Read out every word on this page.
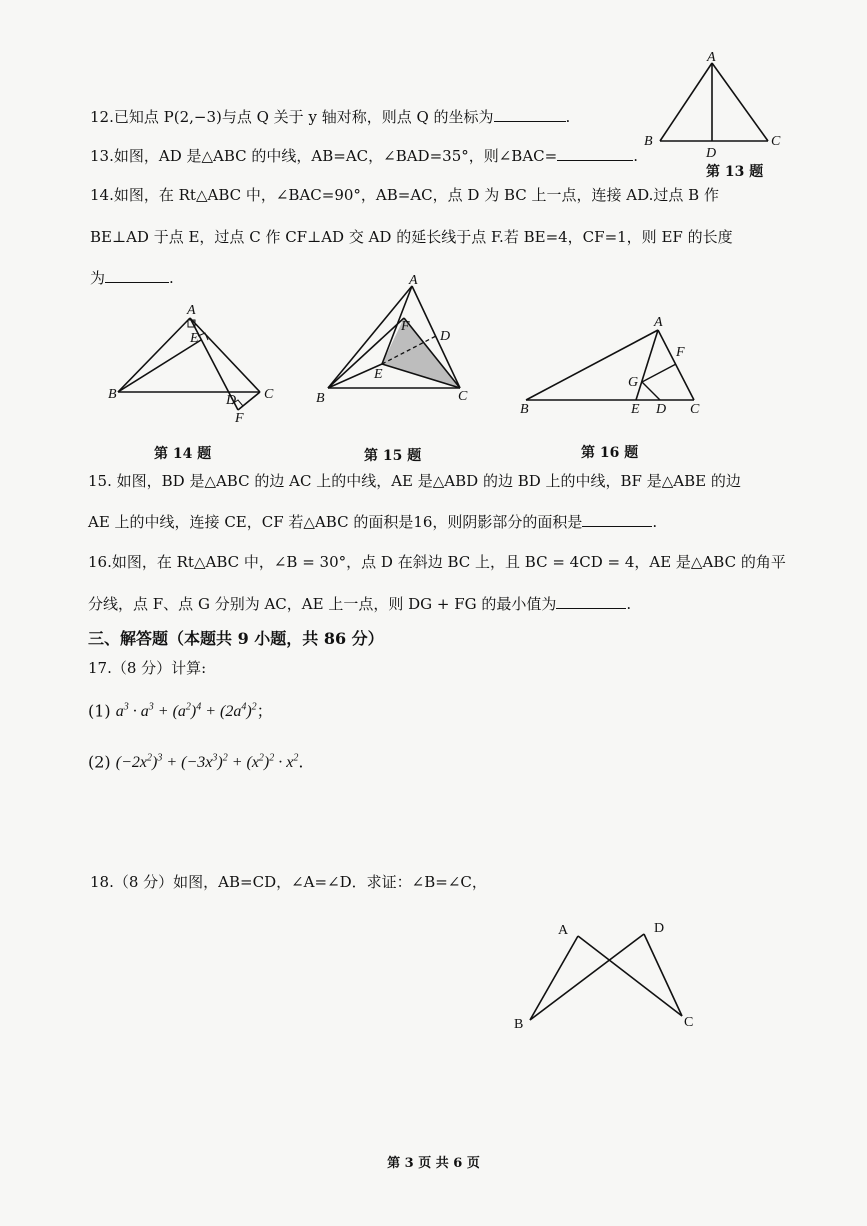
12.已知点 P(2,−3)与点 Q 关于 y 轴对称，则点 Q 的坐标为	.
A
B	C
D
第 13 题
13.如图，AD 是△ABC 的中线，AB=AC，∠BAD=35°，则∠BAC=	.
14.如图，在 Rt△ABC 中，∠BAC=90°，AB=AC，点 D 为 BC 上一点，连接 AD.过点 B 作
BE⊥AD 于点 E，过点 C 作 CF⊥AD 交 AD 的延长线于点 F.若 BE=4，CF=1，则 EF 的长度
为	.
A
E
B	D C
F
第 14 题
A
F
D
E
B	C
第 15 题
A
F
G
B	E D C
第 16 题
15. 如图，BD 是△ABC 的边 AC 上的中线，AE 是△ABD 的边 BD 上的中线，BF 是△ABE 的边
AE 上的中线，连接 CE，CF 若△ABC 的面积是16，则阴影部分的面积是	.
16.如图，在 Rt△ABC 中，∠B = 30°，点 D 在斜边 BC 上，且 BC = 4CD = 4，AE 是△ABC 的角平
分线，点 F、点 G 分别为 AC，AE 上一点，则 DG + FG 的最小值为	.
三、解答题（本题共 9 小题，共 86 分）
17.（8 分）计算:
(1) $a^3 \cdot a^3 + (a^2)^4 + (2a^4)^2$；
(2) $(-2x^2)^3 + (-3x^3)^2 + (x^2)^2 \cdot x^2$.
18.（8 分）如图，AB=CD，∠A=∠D．求证：∠B=∠C，
A	D
B	C
第 3 页 共 6 页
